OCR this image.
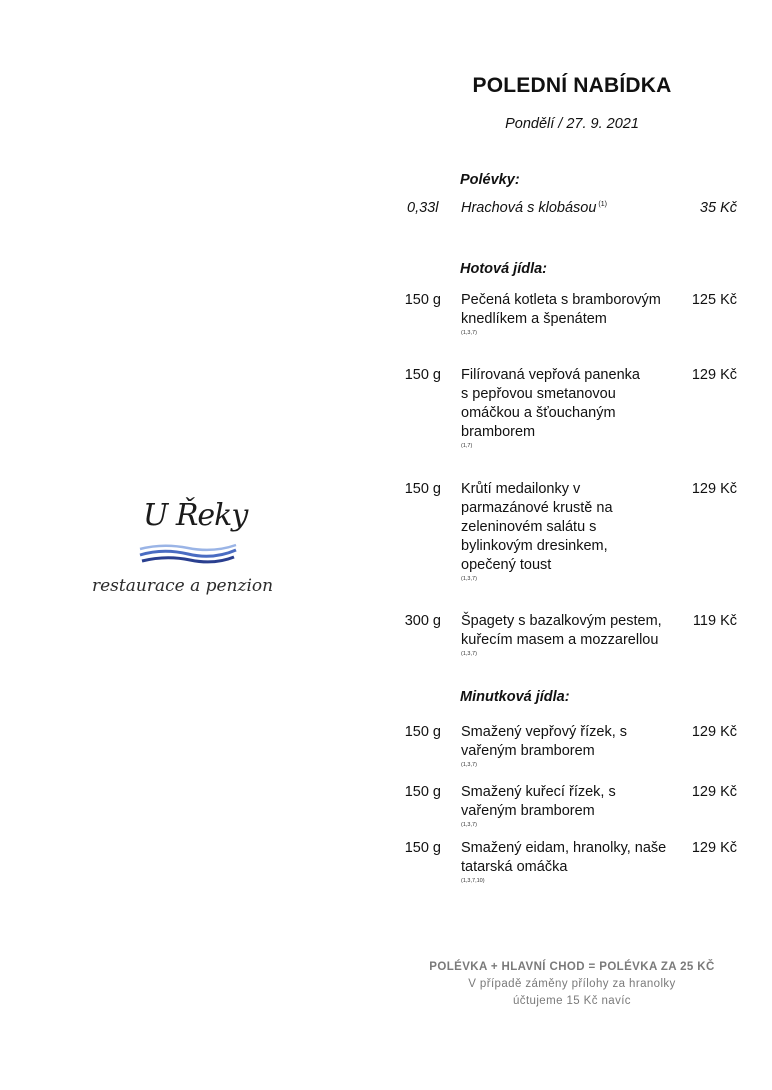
POLEDNÍ NABÍDKA
Pondělí / 27. 9. 2021
U Řeky
restaurace a penzion
Polévky:
0,33l Hrachová s klobásou $^{(1)}$	35 Kč
Hotová jídla:
150 g Pečená kotleta s bramborovým knedlíkem a špenátem
(1,3,7)
125 Kč
150 g Filírovaná vepřová panenka s pepřovou smetanovou omáčkou a šťouchaným bramborem
(1,7)
129 Kč
150 g Krůtí medailonky v parmazánové krustě na zeleninovém salátu s bylinkovým dresinkem, opečený toust
(1,3,7)
129 Kč
300 g Špagety s bazalkovým pestem, kuřecím masem a mozzarellou
(1,3,7)
119 Kč
Minutková jídla:
150 g Smažený vepřový řízek, s vařeným bramborem
(1,3,7)
129 Kč
150 g Smažený kuřecí řízek, s vařeným bramborem
(1,3,7)
129 Kč
150 g Smažený eidam, hranolky, naše tatarská omáčka
(1,3,7,10)
129 Kč
POLÉVKA + HLAVNÍ CHOD = POLÉVKA ZA 25 KČ
V případě záměny přílohy za hranolky
účtujeme 15 Kč navíc
